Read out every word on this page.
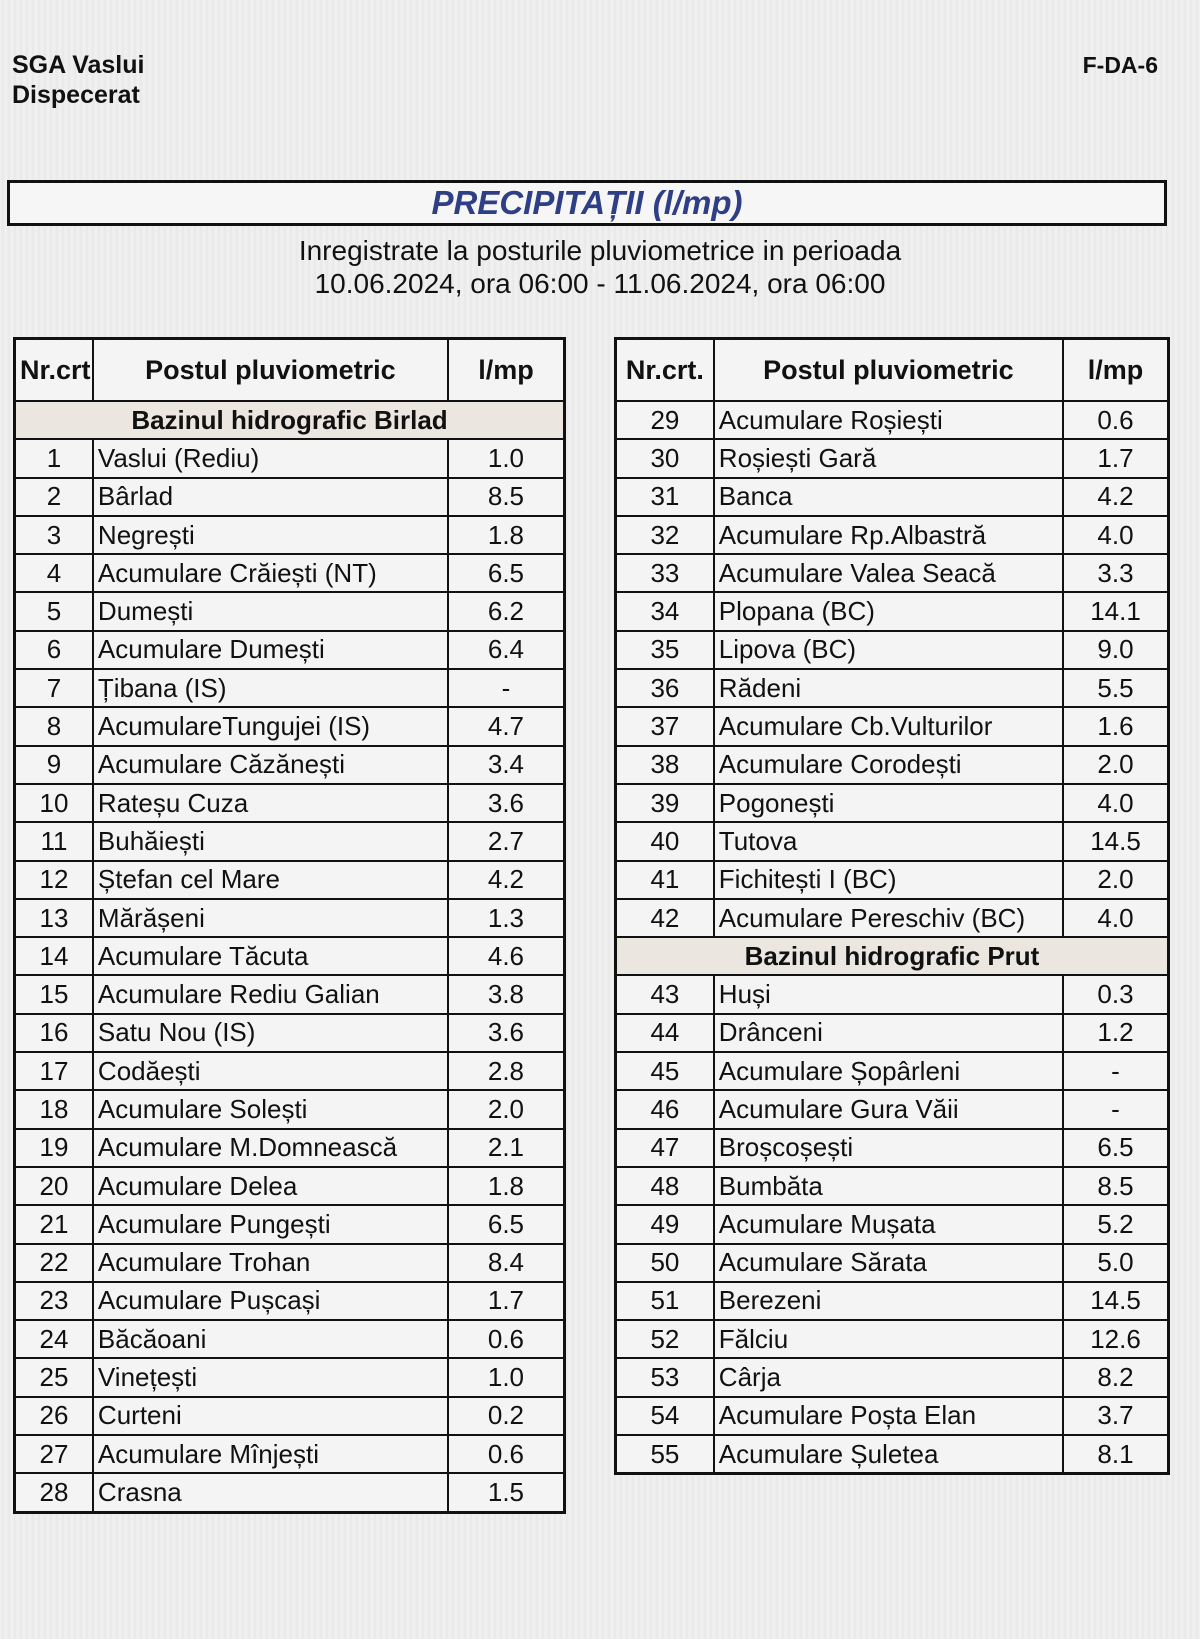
SGA Vaslui
Dispecerat
F-DA-6
PRECIPITAȚII (l/mp)
Inregistrate la posturile pluviometrice in perioada
10.06.2024, ora 06:00 - 11.06.2024, ora 06:00
Nr.crt	Postul pluviometric	l/mp
Bazinul hidrografic Birlad		
1	Vaslui (Rediu)	1.0
2	Bârlad	8.5
3	Negrești	1.8
4	Acumulare Crăiești (NT)	6.5
5	Dumești	6.2
6	Acumulare Dumești	6.4
7	Țibana (IS)	-
8	AcumulareTungujei (IS)	4.7
9	Acumulare Căzănești	3.4
10	Rateșu Cuza	3.6
11	Buhăiești	2.7
12	Ștefan cel Mare	4.2
13	Mărășeni	1.3
14	Acumulare Tăcuta	4.6
15	Acumulare Rediu Galian	3.8
16	Satu Nou (IS)	3.6
17	Codăești	2.8
18	Acumulare Solești	2.0
19	Acumulare M.Domnească	2.1
20	Acumulare Delea	1.8
21	Acumulare Pungești	6.5
22	Acumulare Trohan	8.4
23	Acumulare Pușcași	1.7
24	Băcăoani	0.6
25	Vinețești	1.0
26	Curteni	0.2
27	Acumulare Mînjești	0.6
28	Crasna	1.5
Nr.crt.	Postul pluviometric	l/mp
29	Acumulare Roșiești	0.6
30	Roșiești Gară	1.7
31	Banca	4.2
32	Acumulare Rp.Albastră	4.0
33	Acumulare Valea Seacă	3.3
34	Plopana (BC)	14.1
35	Lipova (BC)	9.0
36	Rădeni	5.5
37	Acumulare Cb.Vulturilor	1.6
38	Acumulare Corodești	2.0
39	Pogonești	4.0
40	Tutova	14.5
41	Fichitești I (BC)	2.0
42	Acumulare Pereschiv (BC)	4.0
Bazinul hidrografic Prut		
43	Huși	0.3
44	Drânceni	1.2
45	Acumulare Șopârleni	-
46	Acumulare Gura Văii	-
47	Broșcoșești	6.5
48	Bumbăta	8.5
49	Acumulare Mușata	5.2
50	Acumulare Sărata	5.0
51	Berezeni	14.5
52	Fălciu	12.6
53	Cârja	8.2
54	Acumulare Poșta Elan	3.7
55	Acumulare Șuletea	8.1
